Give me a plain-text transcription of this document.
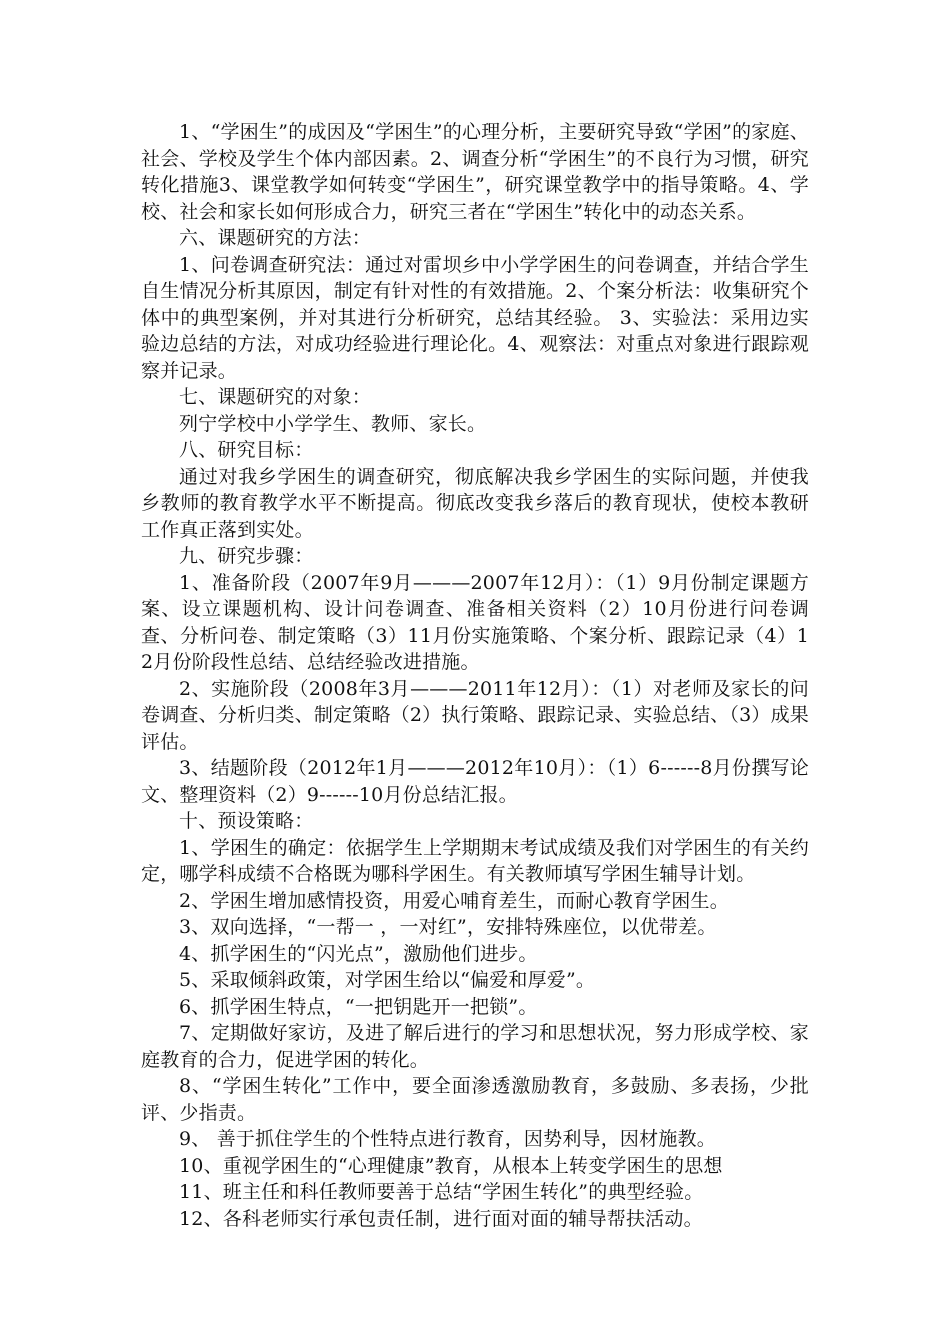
1、“学困生”的成因及“学困生”的心理分析，主要研究导致“学困”的家庭、社会、学校及学生个体内部因素。2、调查分析“学困生”的不良行为习惯，研究转化措施3、课堂教学如何转变“学困生”，研究课堂教学中的指导策略。4、学校、社会和家长如何形成合力，研究三者在“学困生”转化中的动态关系。

六、课题研究的方法：

1、问卷调查研究法：通过对雷坝乡中小学学困生的问卷调查，并结合学生自生情况分析其原因，制定有针对性的有效措施。2、个案分析法：收集研究个体中的典型案例，并对其进行分析研究，总结其经验。 3、实验法：采用边实验边总结的方法，对成功经验进行理论化。4、观察法：对重点对象进行跟踪观察并记录。

七、课题研究的对象：

列宁学校中小学学生、教师、家长。

八、研究目标：

通过对我乡学困生的调查研究，彻底解决我乡学困生的实际问题，并使我乡教师的教育教学水平不断提高。彻底改变我乡落后的教育现状，使校本教研工作真正落到实处。

九、研究步骤：

1、准备阶段（2007年9月———2007年12月）：（1）9月份制定课题方案、设立课题机构、设计问卷调查、准备相关资料（2）10月份进行问卷调查、分析问卷、制定策略（3）11月份实施策略、个案分析、跟踪记录（4）12月份阶段性总结、总结经验改进措施。

2、实施阶段（2008年3月———2011年12月）：（1）对老师及家长的问卷调查、分析归类、制定策略（2）执行策略、跟踪记录、实验总结、（3）成果评估。

3、结题阶段（2012年1月———2012年10月）：（1）6------8月份撰写论文、整理资料（2）9------10月份总结汇报。

十、预设策略：

1、学困生的确定：依据学生上学期期末考试成绩及我们对学困生的有关约定，哪学科成绩不合格既为哪科学困生。有关教师填写学困生辅导计划。

2、学困生增加感情投资，用爱心哺育差生，而耐心教育学困生。

3、双向选择，“一帮一 ，一对红”，安排特殊座位，以优带差。

4、抓学困生的“闪光点”，激励他们进步。

5、采取倾斜政策，对学困生给以“偏爱和厚爱”。

6、抓学困生特点，“一把钥匙开一把锁”。

7、定期做好家访，及进了解后进行的学习和思想状况，努力形成学校、家庭教育的合力，促进学困的转化。

8、“学困生转化”工作中，要全面渗透激励教育，多鼓励、多表扬，少批评、少指责。

9、 善于抓住学生的个性特点进行教育，因势利导，因材施教。

10、重视学困生的“心理健康”教育，从根本上转变学困生的思想

11、班主任和科任教师要善于总结“学困生转化”的典型经验。

12、各科老师实行承包责任制，进行面对面的辅导帮扶活动。
